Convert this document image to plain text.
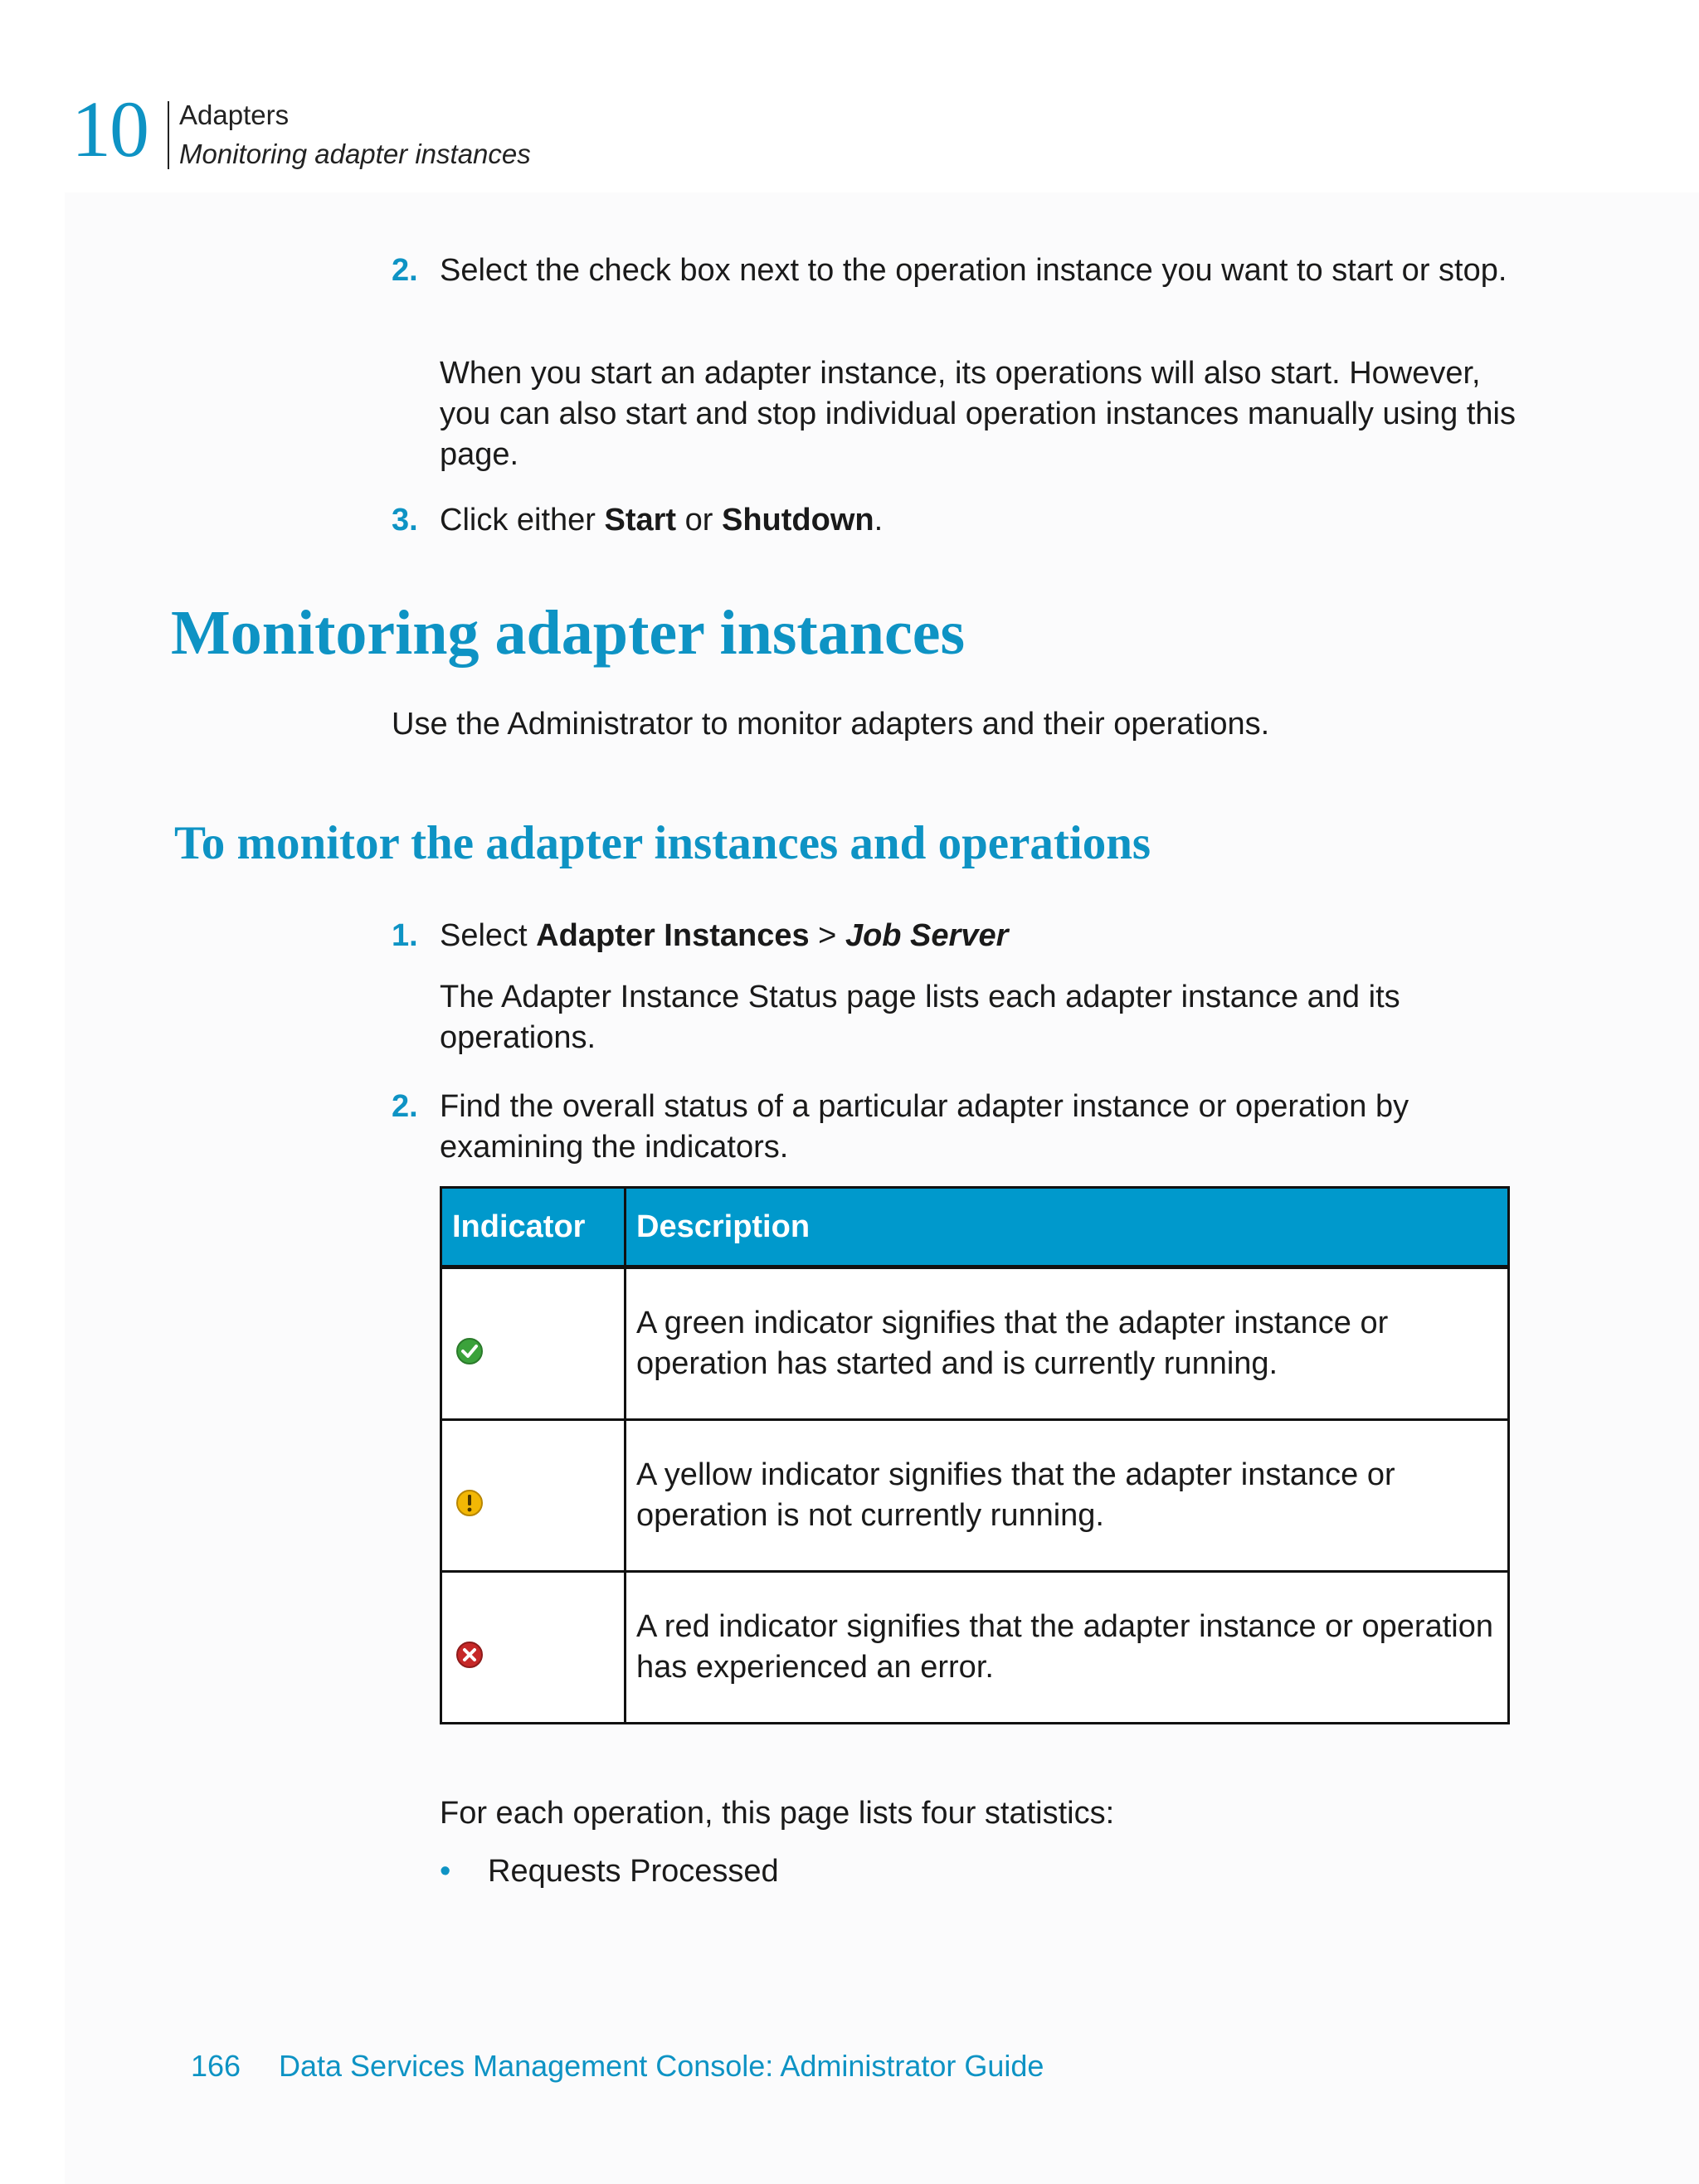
10 Adapters
Monitoring adapter instances
2. Select the check box next to the operation instance you want to start or stop.
When you start an adapter instance, its operations will also start. However, you can also start and stop individual operation instances manually using this page.
3. Click either Start or Shutdown.
Monitoring adapter instances
Use the Administrator to monitor adapters and their operations.
To monitor the adapter instances and operations
1. Select Adapter Instances > Job Server
The Adapter Instance Status page lists each adapter instance and its operations.
2. Find the overall status of a particular adapter instance or operation by examining the indicators.
Indicator	Description

	A green indicator signifies that the adapter instance or operation has started and is currently running.

	A yellow indicator signifies that the adapter instance or operation is not currently running.

	A red indicator signifies that the adapter instance or operation has experienced an error.
For each operation, this page lists four statistics:
• Requests Processed
166 Data Services Management Console: Administrator Guide
